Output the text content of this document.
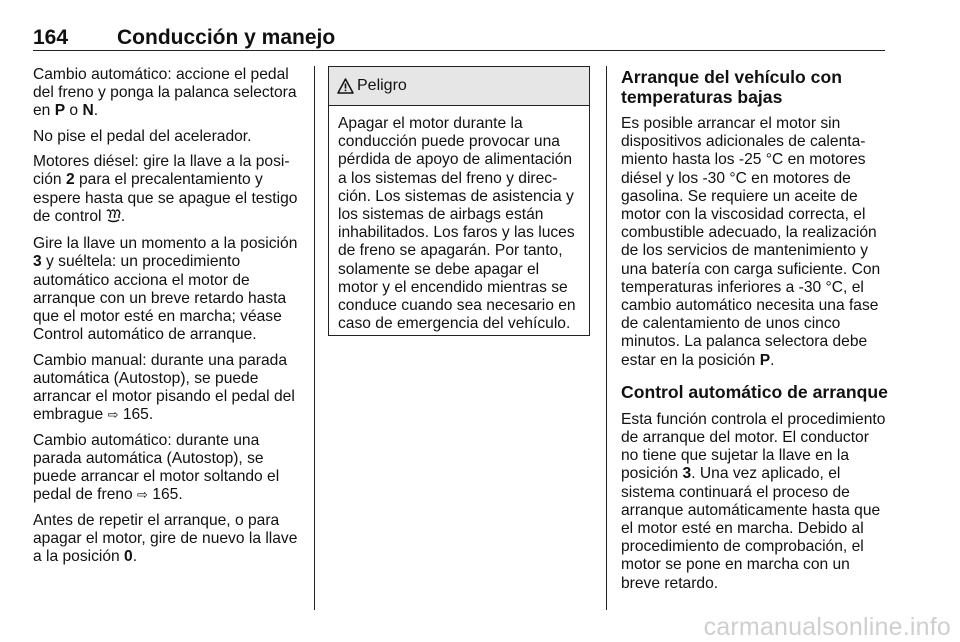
164 Conducción y manejo

Cambio automático: accione el pedal del freno y ponga la palanca selectora en P o N.

No pise el pedal del acelerador.

Motores diésel: gire la llave a la posición 2 para el precalentamiento y espere hasta que se apague el testigo de control .

Gire la llave un momento a la posición 3 y suéltela: un procedimiento automático acciona el motor de arranque con un breve retardo hasta que el motor esté en marcha; véase Control automático de arranque.

Cambio manual: durante una parada automática (Autostop), se puede arrancar el motor pisando el pedal del embrague ⇨ 165.

Cambio automático: durante una parada automática (Autostop), se puede arrancar el motor soltando el pedal de freno ⇨ 165.

Antes de repetir el arranque, o para apagar el motor, gire de nuevo la llave a la posición 0.

Peligro

Apagar el motor durante la conducción puede provocar una pérdida de apoyo de alimentación a los sistemas del freno y dirección. Los sistemas de asistencia y los sistemas de airbags están inhabilitados. Los faros y las luces de freno se apagarán. Por tanto, solamente se debe apagar el motor y el encendido mientras se conduce cuando sea necesario en caso de emergencia del vehículo.

Arranque del vehículo con temperaturas bajas

Es posible arrancar el motor sin dispositivos adicionales de calentamiento hasta los -25 °C en motores diésel y los -30 °C en motores de gasolina. Se requiere un aceite de motor con la viscosidad correcta, el combustible adecuado, la realización de los servicios de mantenimiento y una batería con carga suficiente. Con temperaturas inferiores a -30 °C, el cambio automático necesita una fase de calentamiento de unos cinco minutos. La palanca selectora debe estar en la posición P.

Control automático de arranque

Esta función controla el procedimiento de arranque del motor. El conductor no tiene que sujetar la llave en la posición 3. Una vez aplicado, el sistema continuará el proceso de arranque automáticamente hasta que el motor esté en marcha. Debido al procedimiento de comprobación, el motor se pone en marcha con un breve retardo.

carmanualsonline.info
